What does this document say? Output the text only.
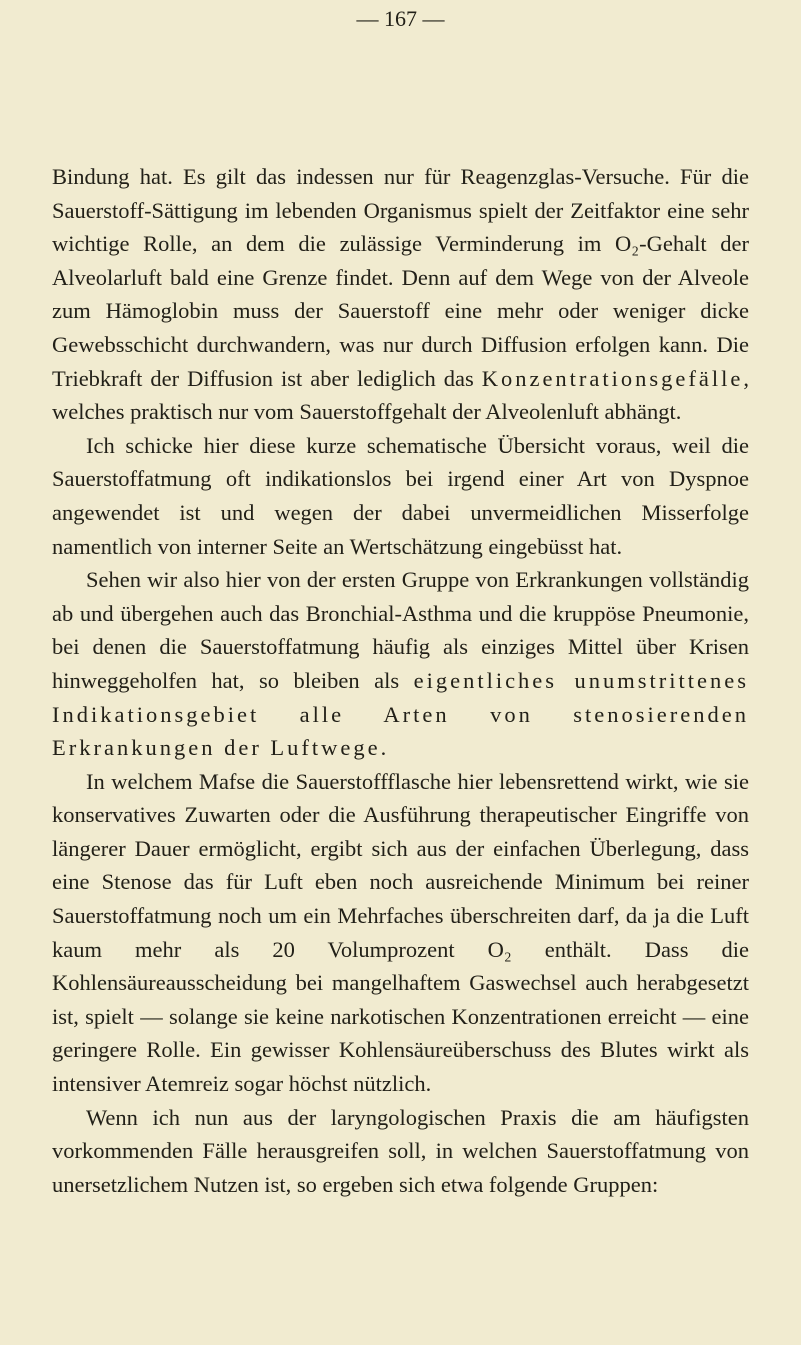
— 167 —

Bindung hat. Es gilt das indessen nur für Reagenzglas-Versuche. Für die Sauerstoff-Sättigung im lebenden Organismus spielt der Zeitfaktor eine sehr wichtige Rolle, an dem die zulässige Verminderung im O₂-Gehalt der Alveolarluft bald eine Grenze findet. Denn auf dem Wege von der Alveole zum Hämoglobin muss der Sauerstoff eine mehr oder weniger dicke Gewebsschicht durchwandern, was nur durch Diffusion erfolgen kann. Die Triebkraft der Diffusion ist aber lediglich das Konzentrationsgefälle, welches praktisch nur vom Sauerstoffgehalt der Alveolenluft abhängt.

Ich schicke hier diese kurze schematische Übersicht voraus, weil die Sauerstoffatmung oft indikationslos bei irgend einer Art von Dyspnoe angewendet ist und wegen der dabei unvermeidlichen Misserfolge namentlich von interner Seite an Wertschätzung eingebüsst hat.

Sehen wir also hier von der ersten Gruppe von Erkrankungen vollständig ab und übergehen auch das Bronchial-Asthma und die kruppöse Pneumonie, bei denen die Sauerstoffatmung häufig als einziges Mittel über Krisen hinweggeholfen hat, so bleiben als eigentliches unumstrittenes Indikationsgebiet alle Arten von stenosierenden Erkrankungen der Luftwege.

In welchem Mafse die Sauerstoffflasche hier lebensrettend wirkt, wie sie konservatives Zuwarten oder die Ausführung therapeutischer Eingriffe von längerer Dauer ermöglicht, ergibt sich aus der einfachen Überlegung, dass eine Stenose das für Luft eben noch ausreichende Minimum bei reiner Sauerstoffatmung noch um ein Mehrfaches überschreiten darf, da ja die Luft kaum mehr als 20 Volumprozent O₂ enthält. Dass die Kohlensäureausscheidung bei mangelhaftem Gaswechsel auch herabgesetzt ist, spielt — solange sie keine narkotischen Konzentrationen erreicht — eine geringere Rolle. Ein gewisser Kohlensäureüberschuss des Blutes wirkt als intensiver Atemreiz sogar höchst nützlich.

Wenn ich nun aus der laryngologischen Praxis die am häufigsten vorkommenden Fälle herausgreifen soll, in welchen Sauerstoffatmung von unersetzlichem Nutzen ist, so ergeben sich etwa folgende Gruppen:
